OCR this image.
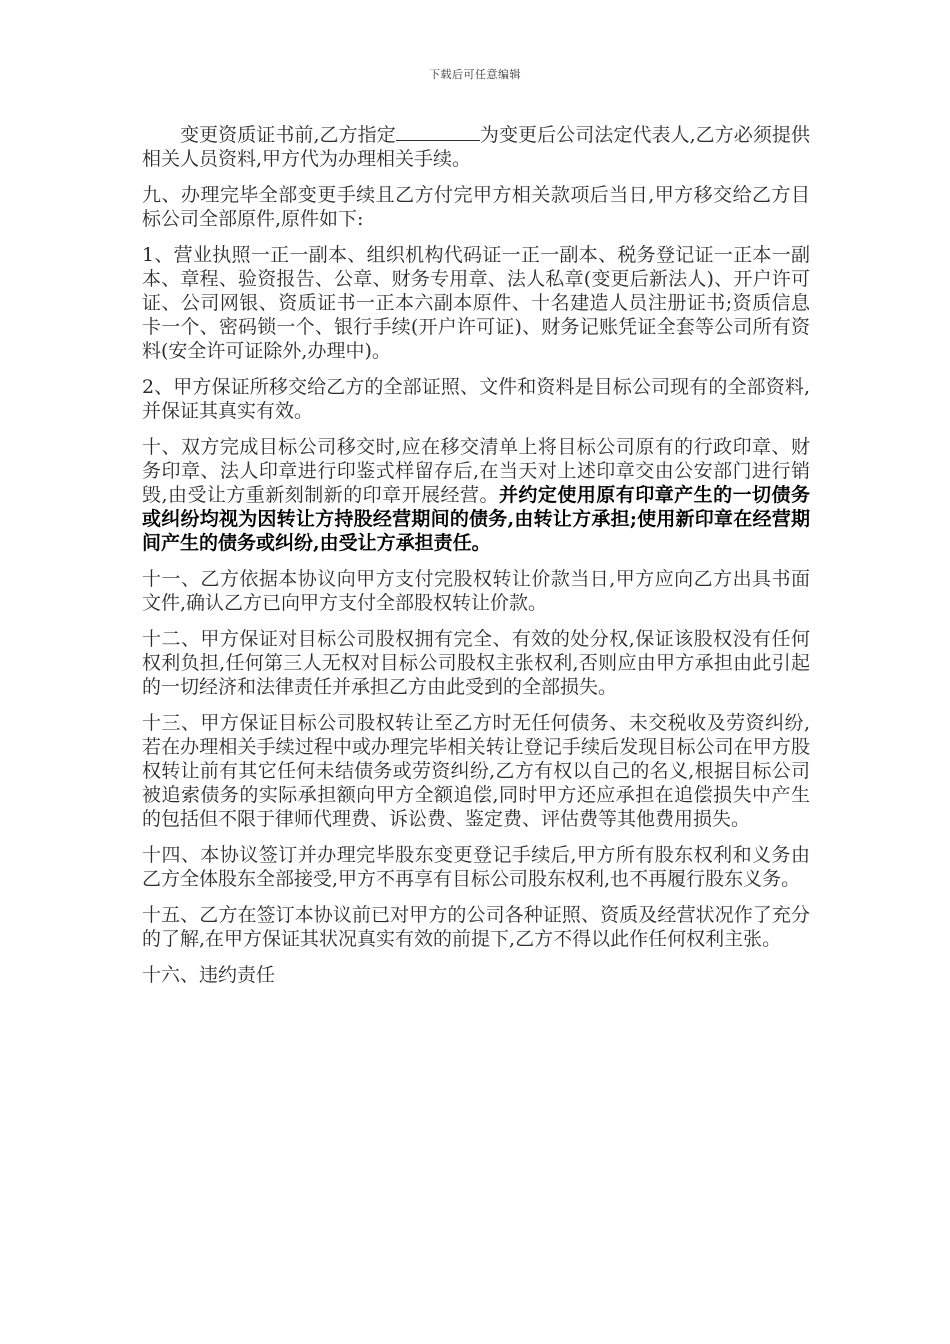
下载后可任意编辑

变更资质证书前,乙方指定	为变更后公司法定代表人,乙方必须提供相关人员资料,甲方代为办理相关手续。

九、办理完毕全部变更手续且乙方付完甲方相关款项后当日,甲方移交给乙方目标公司全部原件,原件如下:

1、营业执照一正一副本、组织机构代码证一正一副本、税务登记证一正本一副本、章程、验资报告、公章、财务专用章、法人私章(变更后新法人)、开户许可证、公司网银、资质证书一正本六副本原件、十名建造人员注册证书;资质信息卡一个、密码锁一个、银行手续(开户许可证)、财务记账凭证全套等公司所有资料(安全许可证除外,办理中)。

2、甲方保证所移交给乙方的全部证照、文件和资料是目标公司现有的全部资料,并保证其真实有效。

十、双方完成目标公司移交时,应在移交清单上将目标公司原有的行政印章、财务印章、法人印章进行印鉴式样留存后,在当天对上述印章交由公安部门进行销毁,由受让方重新刻制新的印章开展经营。并约定使用原有印章产生的一切债务或纠纷均视为因转让方持股经营期间的债务,由转让方承担;使用新印章在经营期间产生的债务或纠纷,由受让方承担责任。

十一、乙方依据本协议向甲方支付完股权转让价款当日,甲方应向乙方出具书面文件,确认乙方已向甲方支付全部股权转让价款。

十二、甲方保证对目标公司股权拥有完全、有效的处分权,保证该股权没有任何权利负担,任何第三人无权对目标公司股权主张权利,否则应由甲方承担由此引起的一切经济和法律责任并承担乙方由此受到的全部损失。

十三、甲方保证目标公司股权转让至乙方时无任何债务、未交税收及劳资纠纷,若在办理相关手续过程中或办理完毕相关转让登记手续后发现目标公司在甲方股权转让前有其它任何未结债务或劳资纠纷,乙方有权以自己的名义,根据目标公司被追索债务的实际承担额向甲方全额追偿,同时甲方还应承担在追偿损失中产生的包括但不限于律师代理费、诉讼费、鉴定费、评估费等其他费用损失。

十四、本协议签订并办理完毕股东变更登记手续后,甲方所有股东权利和义务由乙方全体股东全部接受,甲方不再享有目标公司股东权利,也不再履行股东义务。

十五、乙方在签订本协议前已对甲方的公司各种证照、资质及经营状况作了充分的了解,在甲方保证其状况真实有效的前提下,乙方不得以此作任何权利主张。

十六、违约责任
